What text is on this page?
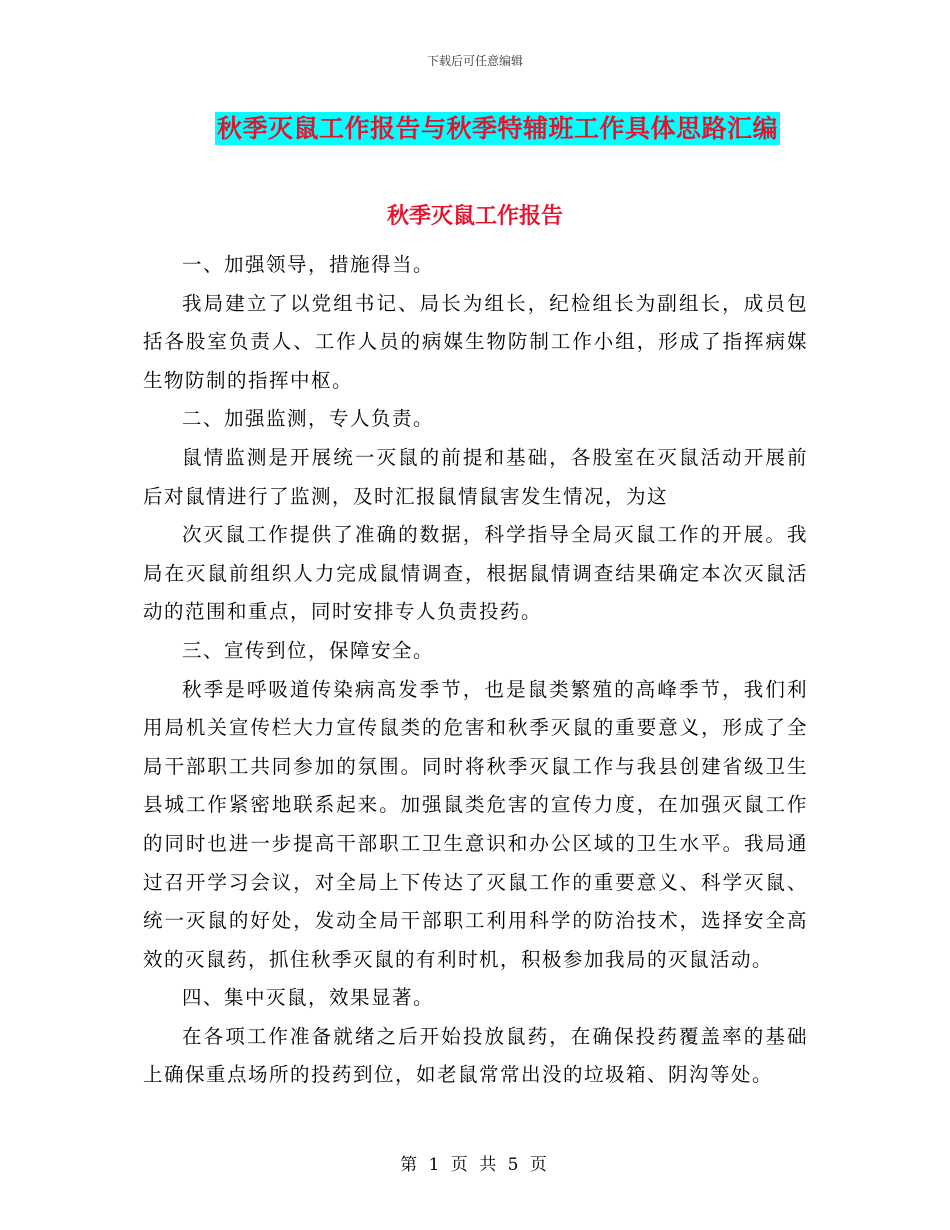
下载后可任意编辑
秋季灭鼠工作报告与秋季特辅班工作具体思路汇编
秋季灭鼠工作报告

一、加强领导，措施得当。

我局建立了以党组书记、局长为组长，纪检组长为副组长，成员包括各股室负责人、工作人员的病媒生物防制工作小组，形成了指挥病媒生物防制的指挥中枢。

二、加强监测，专人负责。

鼠情监测是开展统一灭鼠的前提和基础，各股室在灭鼠活动开展前后对鼠情进行了监测，及时汇报鼠情鼠害发生情况，为这

次灭鼠工作提供了准确的数据，科学指导全局灭鼠工作的开展。我局在灭鼠前组织人力完成鼠情调查，根据鼠情调查结果确定本次灭鼠活动的范围和重点，同时安排专人负责投药。

三、宣传到位，保障安全。

秋季是呼吸道传染病高发季节，也是鼠类繁殖的高峰季节，我们利用局机关宣传栏大力宣传鼠类的危害和秋季灭鼠的重要意义，形成了全局干部职工共同参加的氛围。同时将秋季灭鼠工作与我县创建省级卫生县城工作紧密地联系起来。加强鼠类危害的宣传力度，在加强灭鼠工作的同时也进一步提高干部职工卫生意识和办公区域的卫生水平。我局通过召开学习会议，对全局上下传达了灭鼠工作的重要意义、科学灭鼠、统一灭鼠的好处，发动全局干部职工利用科学的防治技术，选择安全高效的灭鼠药，抓住秋季灭鼠的有利时机，积极参加我局的灭鼠活动。

四、集中灭鼠，效果显著。

在各项工作准备就绪之后开始投放鼠药，在确保投药覆盖率的基础上确保重点场所的投药到位，如老鼠常常出没的垃圾箱、阴沟等处。

第 1 页 共 5 页
